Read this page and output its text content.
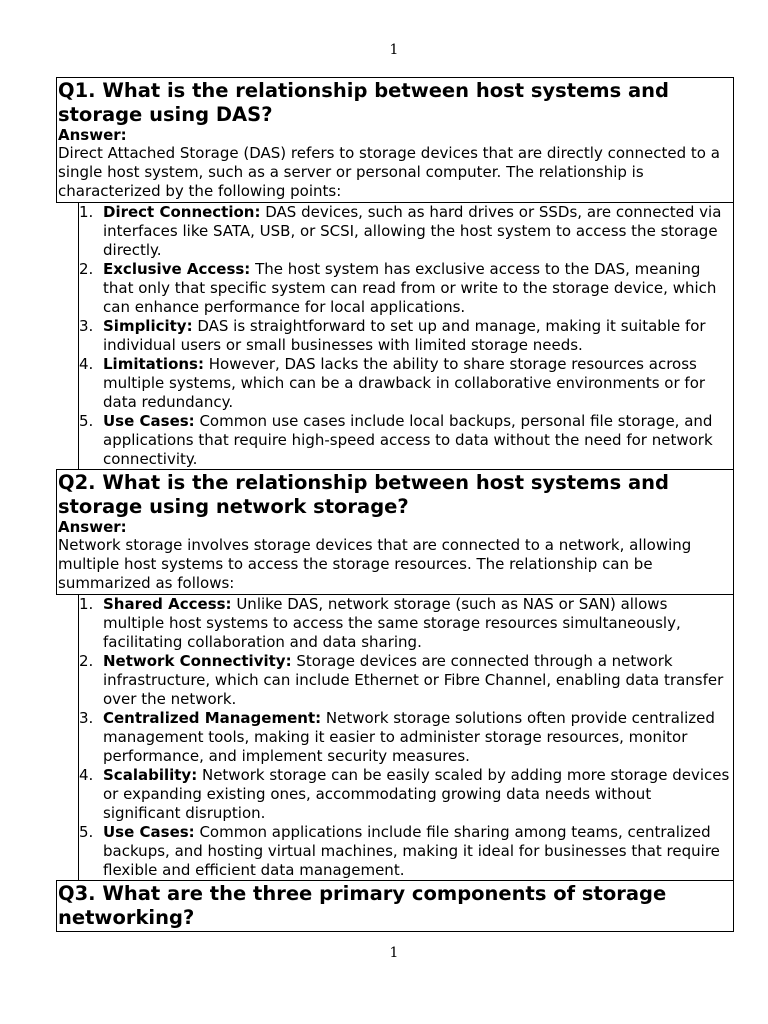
1
Q1. What is the relationship between host systems and storage using DAS?
Answer:
Direct Attached Storage (DAS) refers to storage devices that are directly connected to a single host system, such as a server or personal computer. The relationship is characterized by the following points:
1. Direct Connection: DAS devices, such as hard drives or SSDs, are connected via interfaces like SATA, USB, or SCSI, allowing the host system to access the storage directly.
2. Exclusive Access: The host system has exclusive access to the DAS, meaning that only that specific system can read from or write to the storage device, which can enhance performance for local applications.
3. Simplicity: DAS is straightforward to set up and manage, making it suitable for individual users or small businesses with limited storage needs.
4. Limitations: However, DAS lacks the ability to share storage resources across multiple systems, which can be a drawback in collaborative environments or for data redundancy.
5. Use Cases: Common use cases include local backups, personal file storage, and applications that require high-speed access to data without the need for network connectivity.
Q2. What is the relationship between host systems and storage using network storage?
Answer:
Network storage involves storage devices that are connected to a network, allowing multiple host systems to access the storage resources. The relationship can be summarized as follows:
1. Shared Access: Unlike DAS, network storage (such as NAS or SAN) allows multiple host systems to access the same storage resources simultaneously, facilitating collaboration and data sharing.
2. Network Connectivity: Storage devices are connected through a network infrastructure, which can include Ethernet or Fibre Channel, enabling data transfer over the network.
3. Centralized Management: Network storage solutions often provide centralized management tools, making it easier to administer storage resources, monitor performance, and implement security measures.
4. Scalability: Network storage can be easily scaled by adding more storage devices or expanding existing ones, accommodating growing data needs without significant disruption.
5. Use Cases: Common applications include file sharing among teams, centralized backups, and hosting virtual machines, making it ideal for businesses that require flexible and efficient data management.
Q3. What are the three primary components of storage networking?
1
